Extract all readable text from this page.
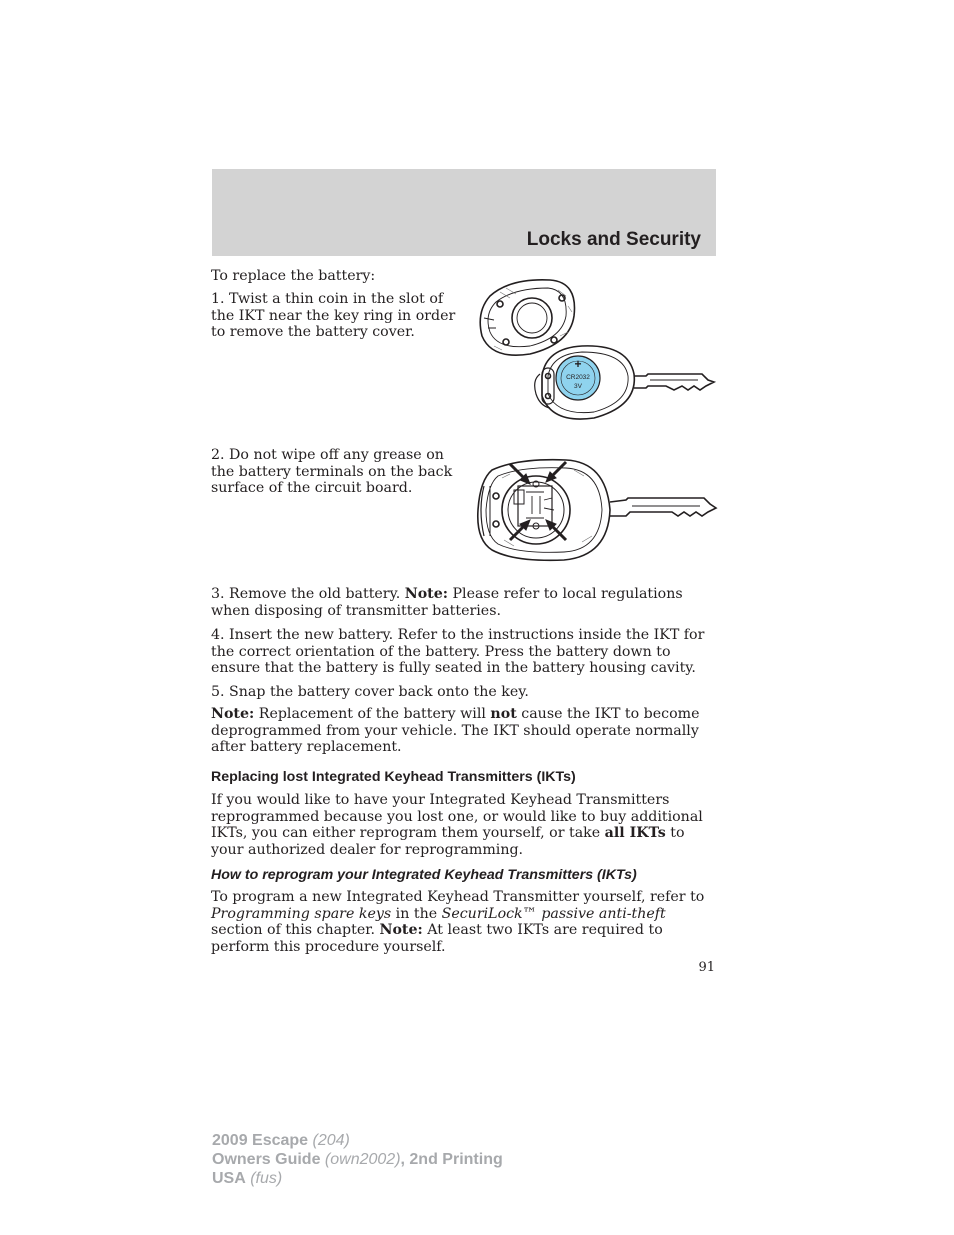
Locks and Security
To replace the battery:
1. Twist a thin coin in the slot of the IKT near the key ring in order to remove the battery cover.
+
CR2032
3V
2. Do not wipe off any grease on the battery terminals on the back surface of the circuit board.
3. Remove the old battery. Note: Please refer to local regulations when disposing of transmitter batteries.
4. Insert the new battery. Refer to the instructions inside the IKT for the correct orientation of the battery. Press the battery down to ensure that the battery is fully seated in the battery housing cavity.
5. Snap the battery cover back onto the key.
Note: Replacement of the battery will not cause the IKT to become deprogrammed from your vehicle. The IKT should operate normally after battery replacement.
Replacing lost Integrated Keyhead Transmitters (IKTs)
If you would like to have your Integrated Keyhead Transmitters reprogrammed because you lost one, or would like to buy additional IKTs, you can either reprogram them yourself, or take all IKTs to your authorized dealer for reprogramming.
How to reprogram your Integrated Keyhead Transmitters (IKTs)
To program a new Integrated Keyhead Transmitter yourself, refer to Programming spare keys in the SecuriLock™ passive anti-theft section of this chapter. Note: At least two IKTs are required to perform this procedure yourself.
91
2009 Escape (204)
Owners Guide (own2002), 2nd Printing
USA (fus)
